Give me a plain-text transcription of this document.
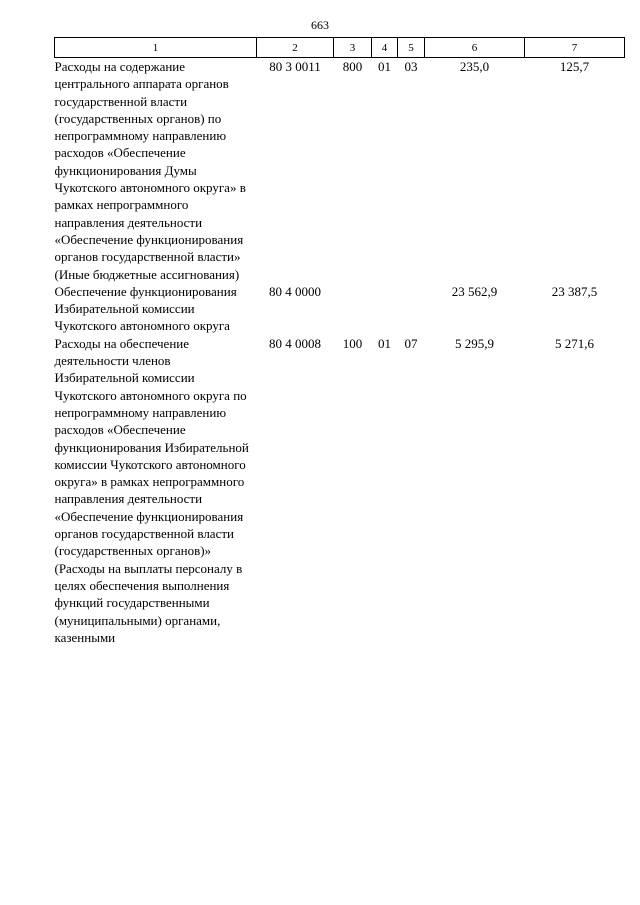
663
1	2	3	4	5	6	7
Расходы на содержание центрального аппарата органов государственной власти (государственных органов) по непрограммному направлению расходов «Обеспечение функционирования Думы Чукотского автономного округа» в рамках непрограммного направления деятельности «Обеспечение функционирования органов государственной власти» (Иные бюджетные ассигнования)	80 3 0011	800	01	03	235,0	125,7
Обеспечение функционирования Избирательной комиссии Чукотского автономного округа	80 4 0000				23 562,9	23 387,5
Расходы на обеспечение деятельности членов Избирательной комиссии Чукотского автономного округа по непрограммному направлению расходов «Обеспечение функционирования Избирательной комиссии Чукотского автономного округа» в рамках непрограммного направления деятельности «Обеспечение функционирования органов государственной власти (государственных органов)» (Расходы на выплаты персоналу в целях обеспечения выполнения функций государственными (муниципальными) органами, казенными	80 4 0008	100	01	07	5 295,9	5 271,6
